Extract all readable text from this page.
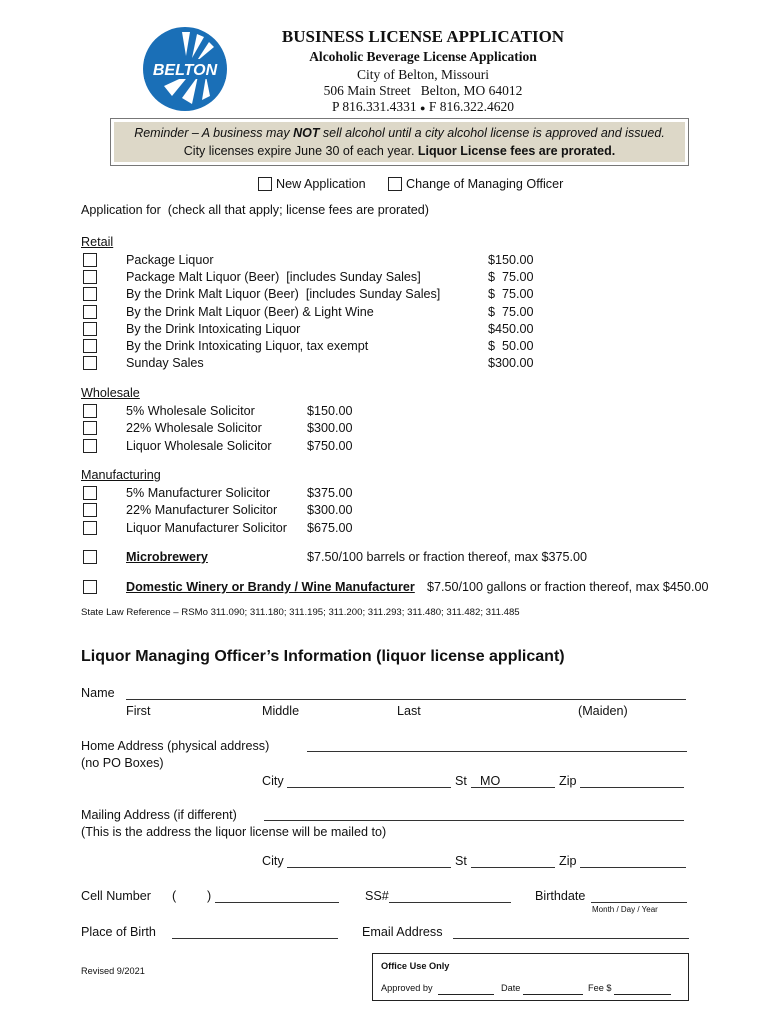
BELTON
BUSINESS LICENSE APPLICATION
Alcoholic Beverage License Application
City of Belton, Missouri
506 Main Street   Belton, MO 64012
P 816.331.4331 ● F 816.322.4620
Reminder – A business may NOT sell alcohol until a city alcohol license is approved and issued.
City licenses expire June 30 of each year. Liquor License fees are prorated.
New Application	Change of Managing Officer
Application for  (check all that apply; license fees are prorated)
Retail
Package Liquor	$150.00
Package Malt Liquor (Beer)  [includes Sunday Sales]	$  75.00
By the Drink Malt Liquor (Beer)  [includes Sunday Sales]	$  75.00
By the Drink Malt Liquor (Beer) & Light Wine	$  75.00
By the Drink Intoxicating Liquor	$450.00
By the Drink Intoxicating Liquor, tax exempt	$  50.00
Sunday Sales	$300.00
Wholesale
5% Wholesale Solicitor	$150.00
22% Wholesale Solicitor	$300.00
Liquor Wholesale Solicitor	$750.00
Manufacturing
5% Manufacturer Solicitor	$375.00
22% Manufacturer Solicitor $300.00
Liquor Manufacturer Solicitor $675.00
Microbrewery	$7.50/100 barrels or fraction thereof, max $375.00
Domestic Winery or Brandy / Wine Manufacturer $7.50/100 gallons or fraction thereof, max $450.00
State Law Reference – RSMo 311.090; 311.180; 311.195; 311.200; 311.293; 311.480; 311.482; 311.485
Liquor Managing Officer’s Information (liquor license applicant)
Name
First	Middle	Last	(Maiden)
Home Address (physical address)
(no PO Boxes)
City	St MO	Zip
Mailing Address (if different)
(This is the address the liquor license will be mailed to)
City	St	Zip
Cell Number ( )	SS#	Birthdate
Month / Day / Year
Place of Birth	Email Address
Revised 9/2021	Office Use Only
Approved by	Date	Fee $
